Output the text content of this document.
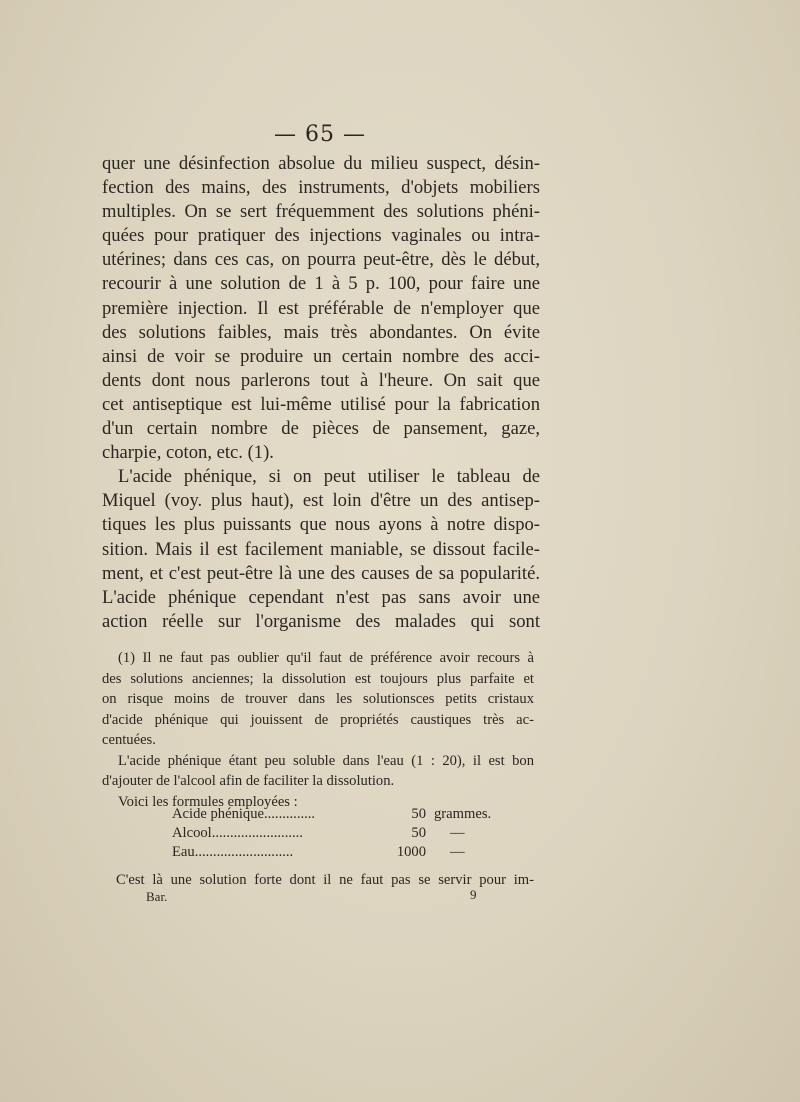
— 65 —
quer une désinfection absolue du milieu suspect, désin-
fection des mains, des instruments, d'objets mobiliers
multiples. On se sert fréquemment des solutions phéni-
quées pour pratiquer des injections vaginales ou intra-
utérines; dans ces cas, on pourra peut-être, dès le début,
recourir à une solution de 1 à 5 p. 100, pour faire une
première injection. Il est préférable de n'employer que
des solutions faibles, mais très abondantes. On évite
ainsi de voir se produire un certain nombre des acci-
dents dont nous parlerons tout à l'heure. On sait que
cet antiseptique est lui-même utilisé pour la fabrication
d'un certain nombre de pièces de pansement, gaze,
charpie, coton, etc. (1).
L'acide phénique, si on peut utiliser le tableau de
Miquel (voy. plus haut), est loin d'être un des antisep-
tiques les plus puissants que nous ayons à notre dispo-
sition. Mais il est facilement maniable, se dissout facile-
ment, et c'est peut-être là une des causes de sa popularité.
L'acide phénique cependant n'est pas sans avoir une
action réelle sur l'organisme des malades qui sont
(1) Il ne faut pas oublier qu'il faut de préférence avoir recours à
des solutions anciennes; la dissolution est toujours plus parfaite et
on risque moins de trouver dans les solutionsces petits cristaux
d'acide phénique qui jouissent de propriétés caustiques très ac-
centuées.
L'acide phénique étant peu soluble dans l'eau (1 : 20), il est bon
d'ajouter de l'alcool afin de faciliter la dissolution.
Voici les formules employées :
Acide phénique..............	50 grammes.
Alcool.........................	50 —
Eau...........................	1000 —
C'est là une solution forte dont il ne faut pas se servir pour im-
Bar.	9
